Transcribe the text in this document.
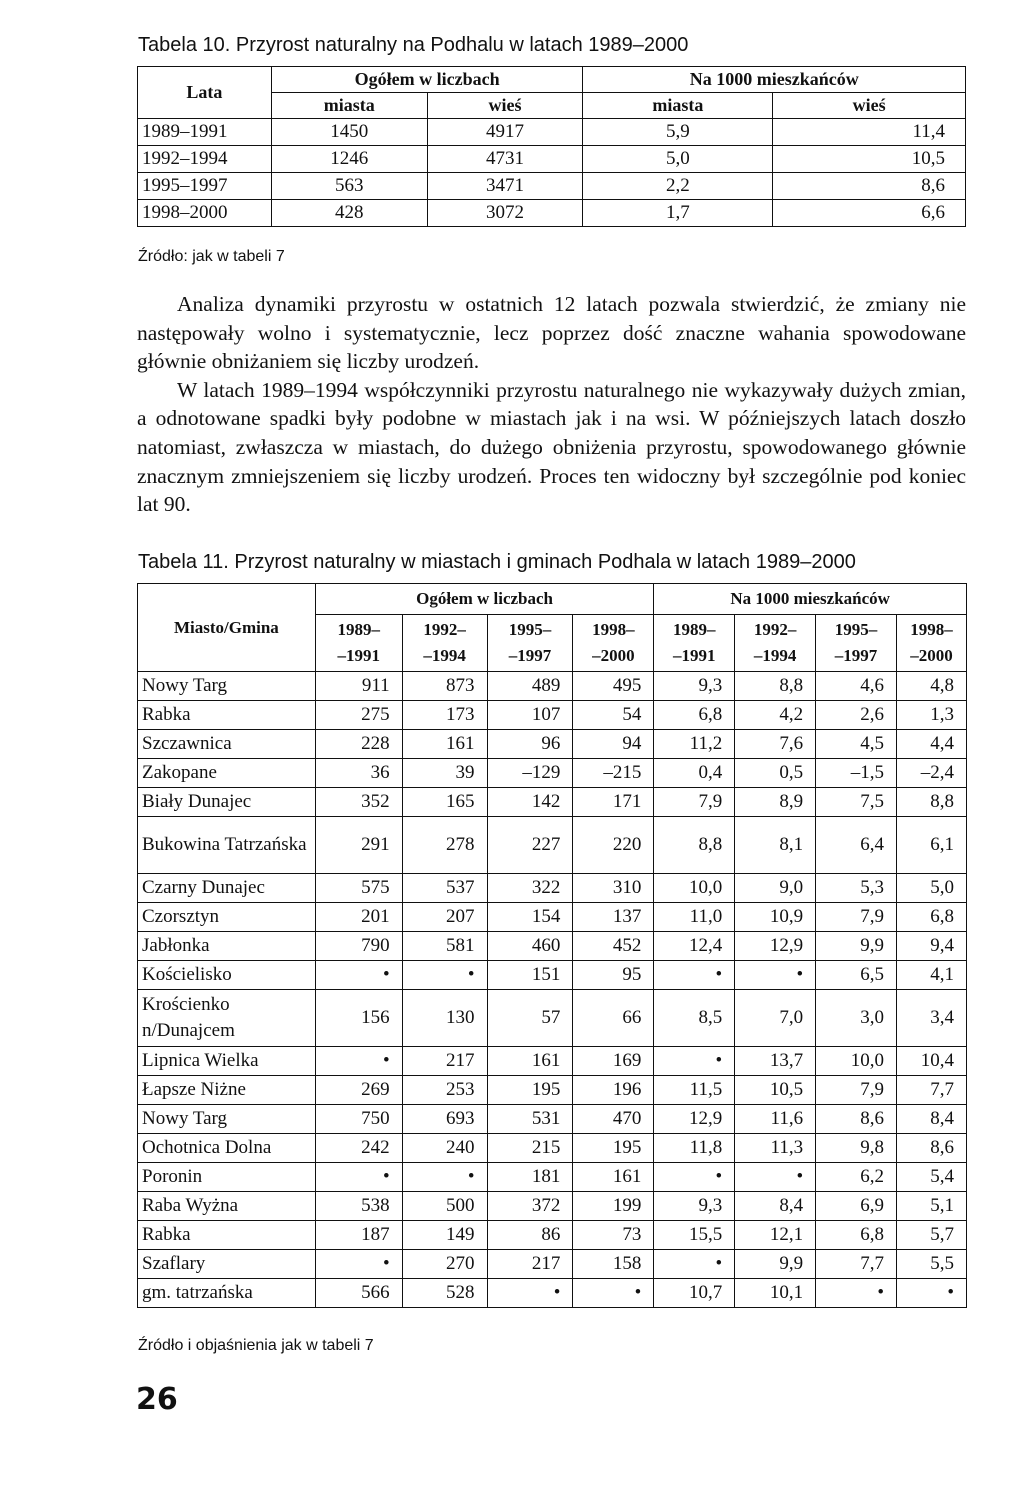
Tabela 10. Przyrost naturalny na Podhalu w latach 1989–2000
Lata	Ogółem w liczbach		Na 1000 mieszkańców	
	miasta	wieś	miasta	wieś
1989–1991	1450	4917	5,9	11,4
1992–1994	1246	4731	5,0	10,5
1995–1997	563	3471	2,2	8,6
1998–2000	428	3072	1,7	6,6
Źródło: jak w tabeli 7

Analiza dynamiki przyrostu w ostatnich 12 latach pozwala stwierdzić, że zmiany nie następowały wolno i systematycznie, lecz poprzez dość znaczne wahania spowodowane głównie obniżaniem się liczby urodzeń.

W latach 1989–1994 współczynniki przyrostu naturalnego nie wykazywały dużych zmian, a odnotowane spadki były podobne w miastach jak i na wsi. W późniejszych latach doszło natomiast, zwłaszcza w miastach, do dużego obniżenia przyrostu, spowodowanego głównie znacznym zmniejszeniem się liczby urodzeń. Proces ten widoczny był szczególnie pod koniec lat 90.

Tabela 11. Przyrost naturalny w miastach i gminach Podhala w latach 1989–2000
Miasto/Gmina	Ogółem w liczbach				Na 1000 mieszkańców			
	1989–
–1991	1992–
–1994	1995–
–1997	1998–
–2000	1989–
–1991	1992–
–1994	1995–
–1997	1998–
–2000
Nowy Targ	911	873	489	495	9,3	8,8	4,6	4,8
Rabka	275	173	107	54	6,8	4,2	2,6	1,3
Szczawnica	228	161	96	94	11,2	7,6	4,5	4,4
Zakopane	36	39	–129	–215	0,4	0,5	–1,5	–2,4
Biały Dunajec	352	165	142	171	7,9	8,9	7,5	8,8
Bukowina Tatrzańska	291	278	227	220	8,8	8,1	6,4	6,1
Czarny Dunajec	575	537	322	310	10,0	9,0	5,3	5,0
Czorsztyn	201	207	154	137	11,0	10,9	7,9	6,8
Jabłonka	790	581	460	452	12,4	12,9	9,9	9,4
Kościelisko	•	•	151	95	•	•	6,5	4,1
Krościenko n/Dunajcem	156	130	57	66	8,5	7,0	3,0	3,4
Lipnica Wielka	•	217	161	169	•	13,7	10,0	10,4
Łapsze Niżne	269	253	195	196	11,5	10,5	7,9	7,7
Nowy Targ	750	693	531	470	12,9	11,6	8,6	8,4
Ochotnica Dolna	242	240	215	195	11,8	11,3	9,8	8,6
Poronin	•	•	181	161	•	•	6,2	5,4
Raba Wyżna	538	500	372	199	9,3	8,4	6,9	5,1
Rabka	187	149	86	73	15,5	12,1	6,8	5,7
Szaflary	•	270	217	158	•	9,9	7,7	5,5
gm. tatrzańska	566	528	•	•	10,7	10,1	•	•
Źródło i objaśnienia jak w tabeli 7
26
